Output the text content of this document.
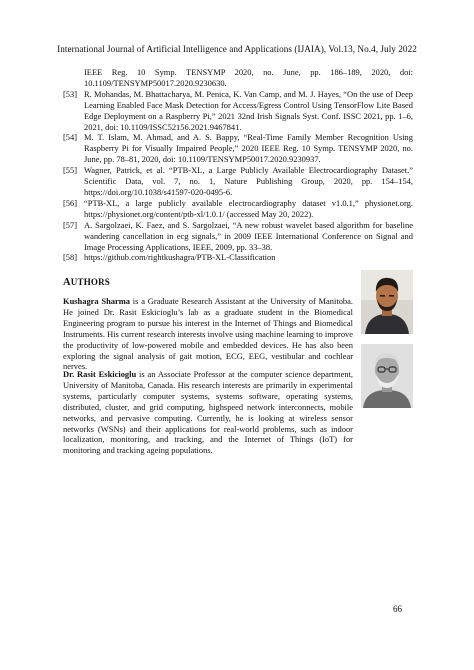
International Journal of Artificial Intelligence and Applications (IJAIA), Vol.13, No.4, July 2022

IEEE Reg. 10 Symp. TENSYMP 2020, no. June, pp. 186–189, 2020, doi: 10.1109/TENSYMP50017.2020.9230630.

[53] R. Mohandas, M. Bhattacharya, M. Penica, K. Van Camp, and M. J. Hayes, “On the use of Deep Learning Enabled Face Mask Detection for Access/Egress Control Using TensorFlow Lite Based Edge Deployment on a Raspberry Pi,” 2021 32nd Irish Signals Syst. Conf. ISSC 2021, pp. 1–6, 2021, doi: 10.1109/ISSC52156.2021.9467841.

[54] M. T. Islam, M. Ahmad, and A. S. Bappy, “Real-Time Family Member Recognition Using Raspberry Pi for Visually Impaired People,” 2020 IEEE Reg. 10 Symp. TENSYMP 2020, no. June, pp. 78–81, 2020, doi: 10.1109/TENSYMP50017.2020.9230937.

[55] Wagner, Patrick, et al. “PTB-XL, a Large Publicly Available Electrocardiography Dataset.” Scientific Data, vol. 7, no. 1, Nature Publishing Group, 2020, pp. 154–154, https://doi.org/10.1038/s41597-020-0495-6.

[56] “PTB-XL, a large publicly available electrocardiography dataset v1.0.1,” physionet.org. https://physionet.org/content/ptb-xl/1.0.1/ (accessed May 20, 2022).

[57] A. Sargolzaei, K. Faez, and S. Sargolzaei, “A new robust wavelet based algorithm for baseline wandering cancellation in ecg signals,” in 2009 IEEE International Conference on Signal and Image Processing Applications, IEEE, 2009, pp. 33–38.

[58] https://github.com/rightkushagra/PTB-XL-Classification

AUTHORS
Kushagra Sharma is a Graduate Research Assistant at the University of Manitoba. He joined Dr. Rasit Eskicioglu’s lab as a graduate student in the Biomedical Engineering program to pursue his interest in the Internet of Things and Biomedical Instruments. His current research interests involve using machine learning to improve the productivity of low-powered mobile and embedded devices. He has also been exploring the signal analysis of gait motion, ECG, EEG, vestibular and cochlear nerves.
Dr. Rasit Eskicioglu is an Associate Professor at the computer science department, University of Manitoba, Canada. His research interests are primarily in experimental systems, particularly computer systems, systems software, operating systems, distributed, cluster, and grid computing, highspeed network interconnects, mobile networks, and pervasive computing. Currently, he is looking at wireless sensor networks (WSNs) and their applications for real-world problems, such as indoor localization, monitoring, and tracking, and the Internet of Things (IoT) for monitoring and tracking ageing populations.
66
